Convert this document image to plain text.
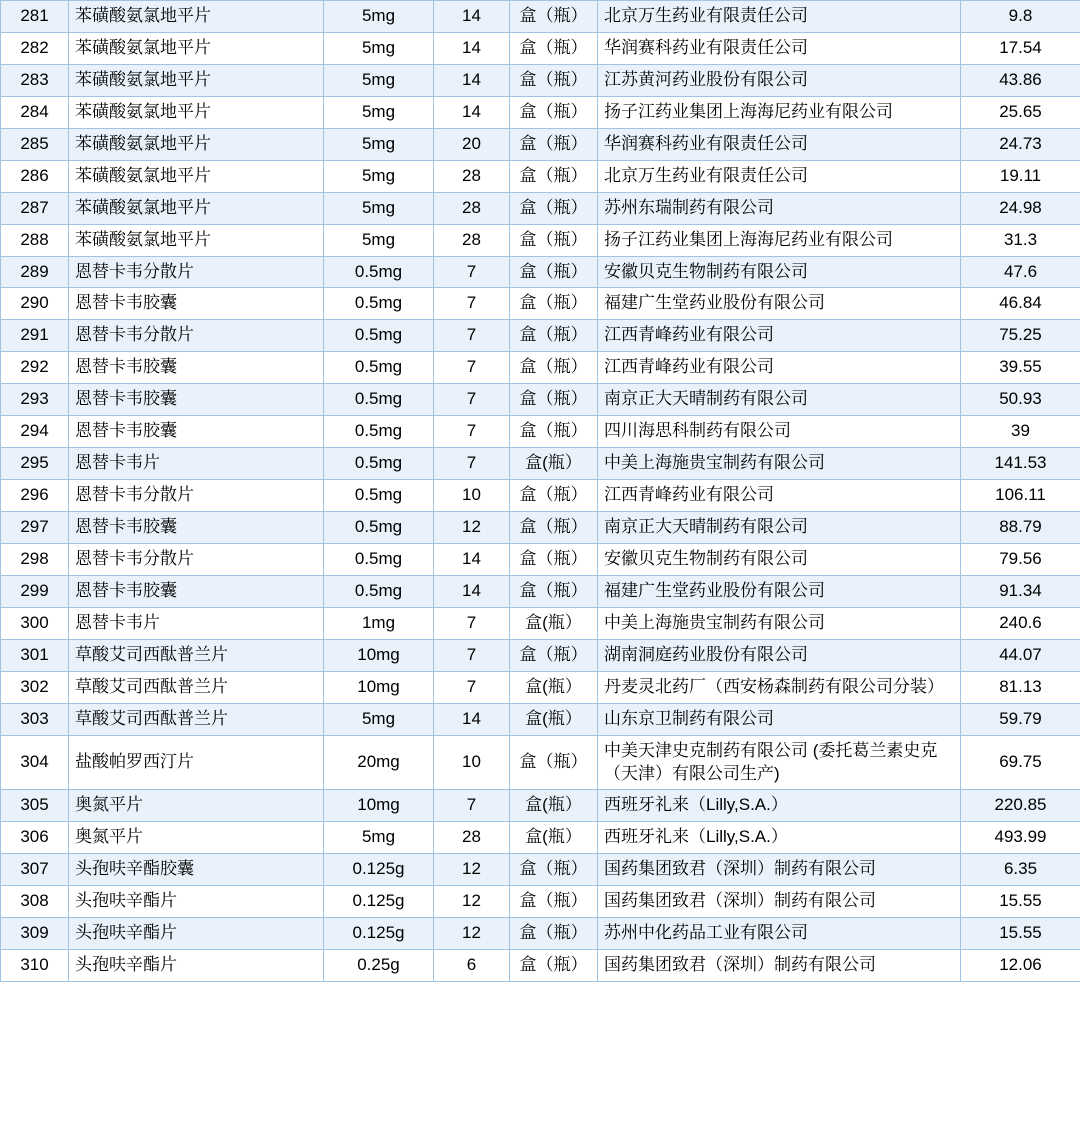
281	苯磺酸氨氯地平片	5mg	14	盒（瓶）	北京万生药业有限责任公司	9.8
282	苯磺酸氨氯地平片	5mg	14	盒（瓶）	华润赛科药业有限责任公司	17.54
283	苯磺酸氨氯地平片	5mg	14	盒（瓶）	江苏黄河药业股份有限公司	43.86
284	苯磺酸氨氯地平片	5mg	14	盒（瓶）	扬子江药业集团上海海尼药业有限公司	25.65
285	苯磺酸氨氯地平片	5mg	20	盒（瓶）	华润赛科药业有限责任公司	24.73
286	苯磺酸氨氯地平片	5mg	28	盒（瓶）	北京万生药业有限责任公司	19.11
287	苯磺酸氨氯地平片	5mg	28	盒（瓶）	苏州东瑞制药有限公司	24.98
288	苯磺酸氨氯地平片	5mg	28	盒（瓶）	扬子江药业集团上海海尼药业有限公司	31.3
289	恩替卡韦分散片	0.5mg	7	盒（瓶）	安徽贝克生物制药有限公司	47.6
290	恩替卡韦胶囊	0.5mg	7	盒（瓶）	福建广生堂药业股份有限公司	46.84
291	恩替卡韦分散片	0.5mg	7	盒（瓶）	江西青峰药业有限公司	75.25
292	恩替卡韦胶囊	0.5mg	7	盒（瓶）	江西青峰药业有限公司	39.55
293	恩替卡韦胶囊	0.5mg	7	盒（瓶）	南京正大天晴制药有限公司	50.93
294	恩替卡韦胶囊	0.5mg	7	盒（瓶）	四川海思科制药有限公司	39
295	恩替卡韦片	0.5mg	7	盒(瓶）	中美上海施贵宝制药有限公司	141.53
296	恩替卡韦分散片	0.5mg	10	盒（瓶）	江西青峰药业有限公司	106.11
297	恩替卡韦胶囊	0.5mg	12	盒（瓶）	南京正大天晴制药有限公司	88.79
298	恩替卡韦分散片	0.5mg	14	盒（瓶）	安徽贝克生物制药有限公司	79.56
299	恩替卡韦胶囊	0.5mg	14	盒（瓶）	福建广生堂药业股份有限公司	91.34
300	恩替卡韦片	1mg	7	盒(瓶）	中美上海施贵宝制药有限公司	240.6
301	草酸艾司西酞普兰片	10mg	7	盒（瓶）	湖南洞庭药业股份有限公司	44.07
302	草酸艾司西酞普兰片	10mg	7	盒(瓶）	丹麦灵北药厂（西安杨森制药有限公司分装）	81.13
303	草酸艾司西酞普兰片	5mg	14	盒(瓶）	山东京卫制药有限公司	59.79
304	盐酸帕罗西汀片	20mg	10	盒（瓶）	中美天津史克制药有限公司 (委托葛兰素史克（天津）有限公司生产)	69.75
305	奥氮平片	10mg	7	盒(瓶）	西班牙礼来（Lilly,S.A.）	220.85
306	奥氮平片	5mg	28	盒(瓶）	西班牙礼来（Lilly,S.A.）	493.99
307	头孢呋辛酯胶囊	0.125g	12	盒（瓶）	国药集团致君（深圳）制药有限公司	6.35
308	头孢呋辛酯片	0.125g	12	盒（瓶）	国药集团致君（深圳）制药有限公司	15.55
309	头孢呋辛酯片	0.125g	12	盒（瓶）	苏州中化药品工业有限公司	15.55
310	头孢呋辛酯片	0.25g	6	盒（瓶）	国药集团致君（深圳）制药有限公司	12.06
